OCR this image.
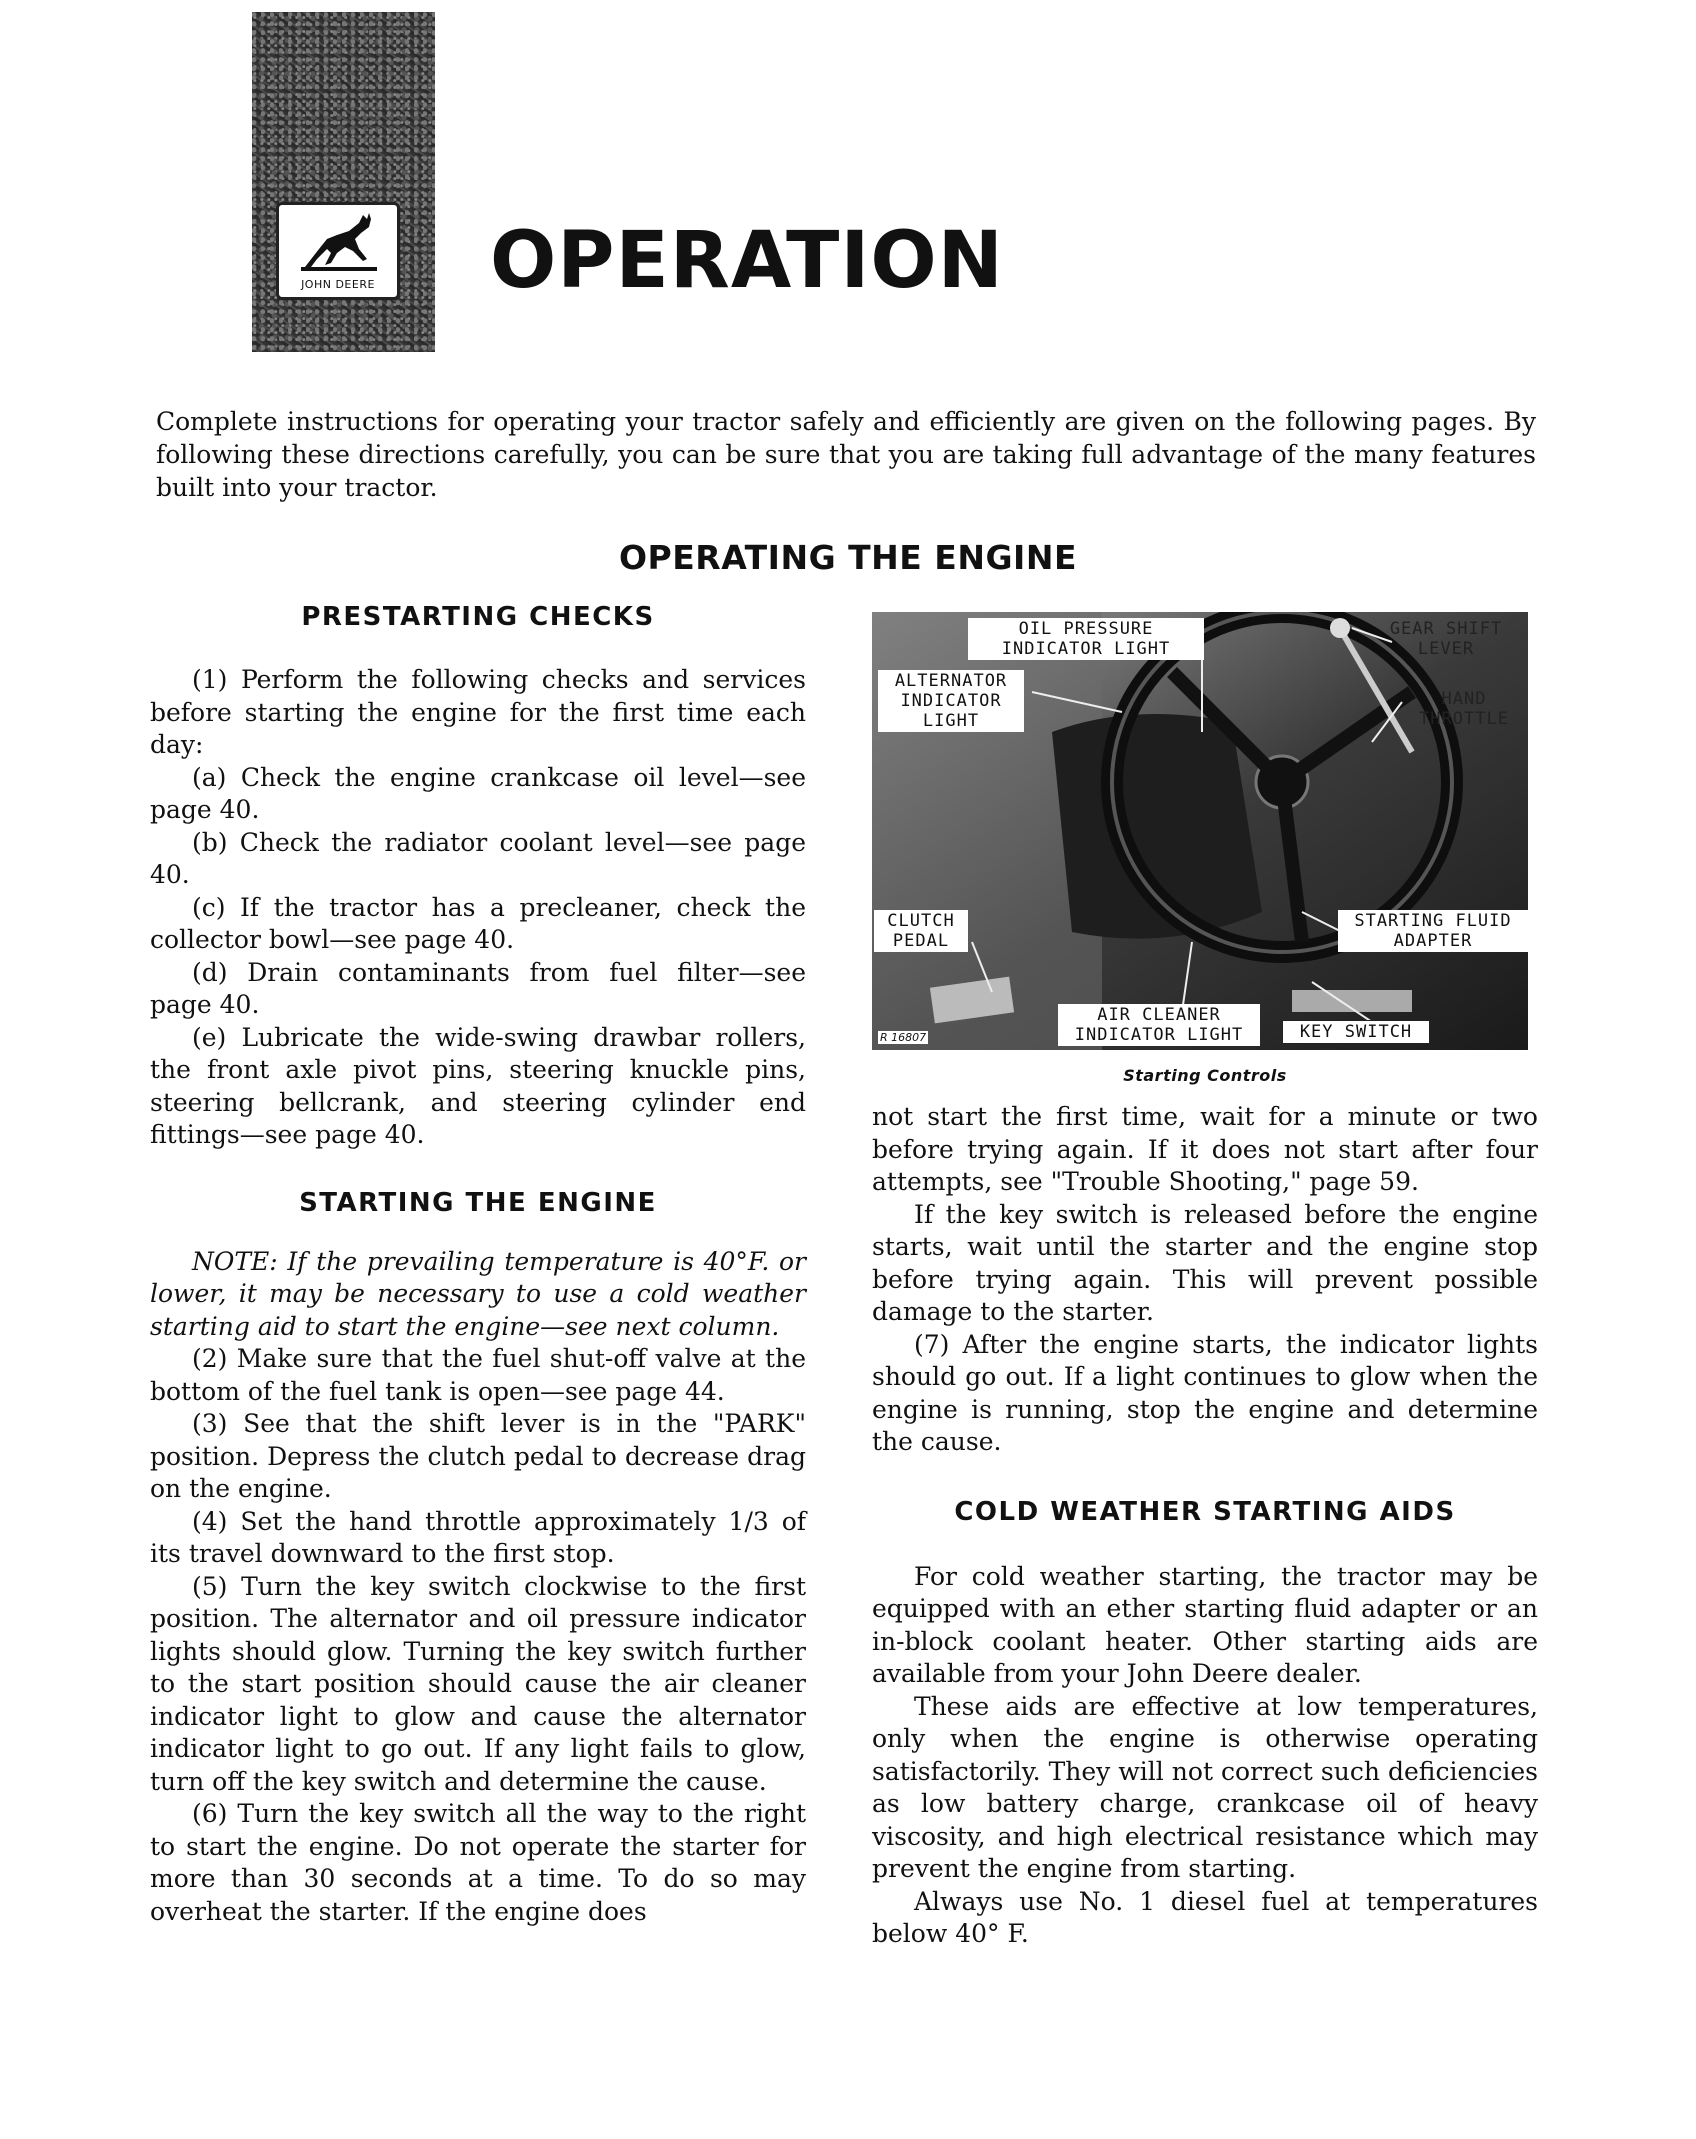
JOHN DEERE OPERATION

Complete instructions for operating your tractor safely and efficiently are given on the following pages. By following these directions carefully, you can be sure that you are taking full advantage of the many features built into your tractor.

OPERATING THE ENGINE
PRESTARTING CHECKS

(1) Perform the following checks and services before starting the engine for the first time each day:

(a) Check the engine crankcase oil level—see page 40.

(b) Check the radiator coolant level—see page 40.

(c) If the tractor has a precleaner, check the collector bowl—see page 40.

(d) Drain contaminants from fuel filter—see page 40.

(e) Lubricate the wide-swing drawbar rollers, the front axle pivot pins, steering knuckle pins, steering bellcrank, and steering cylinder end fittings—see page 40.

STARTING THE ENGINE

NOTE: If the prevailing temperature is 40°F. or lower, it may be necessary to use a cold weather starting aid to start the engine—see next column.

(2) Make sure that the fuel shut-off valve at the bottom of the fuel tank is open—see page 44.

(3) See that the shift lever is in the "PARK" position. Depress the clutch pedal to decrease drag on the engine.

(4) Set the hand throttle approximately 1/3 of its travel downward to the first stop.

(5) Turn the key switch clockwise to the first position. The alternator and oil pressure indicator lights should glow. Turning the key switch further to the start position should cause the air cleaner indicator light to glow and cause the alternator indicator light to go out. If any light fails to glow, turn off the key switch and determine the cause.

(6) Turn the key switch all the way to the right to start the engine. Do not operate the starter for more than 30 seconds at a time. To do so may overheat the starter. If the engine does

OIL PRESSURE INDICATOR LIGHT
ALTERNATOR INDICATOR LIGHT
GEAR SHIFT LEVER
HAND THROTTLE
CLUTCH PEDAL
STARTING FLUID ADAPTER
AIR CLEANER INDICATOR LIGHT	KEY SWITCH
R 16807

Starting Controls

not start the first time, wait for a minute or two before trying again. If it does not start after four attempts, see "Trouble Shooting," page 59.

If the key switch is released before the engine starts, wait until the starter and the engine stop before trying again. This will prevent possible damage to the starter.

(7) After the engine starts, the indicator lights should go out. If a light continues to glow when the engine is running, stop the engine and determine the cause.

COLD WEATHER STARTING AIDS

For cold weather starting, the tractor may be equipped with an ether starting fluid adapter or an in-block coolant heater. Other starting aids are available from your John Deere dealer.

These aids are effective at low temperatures, only when the engine is otherwise operating satisfactorily. They will not correct such deficiencies as low battery charge, crankcase oil of heavy viscosity, and high electrical resistance which may prevent the engine from starting.

Always use No. 1 diesel fuel at temperatures below 40° F.
